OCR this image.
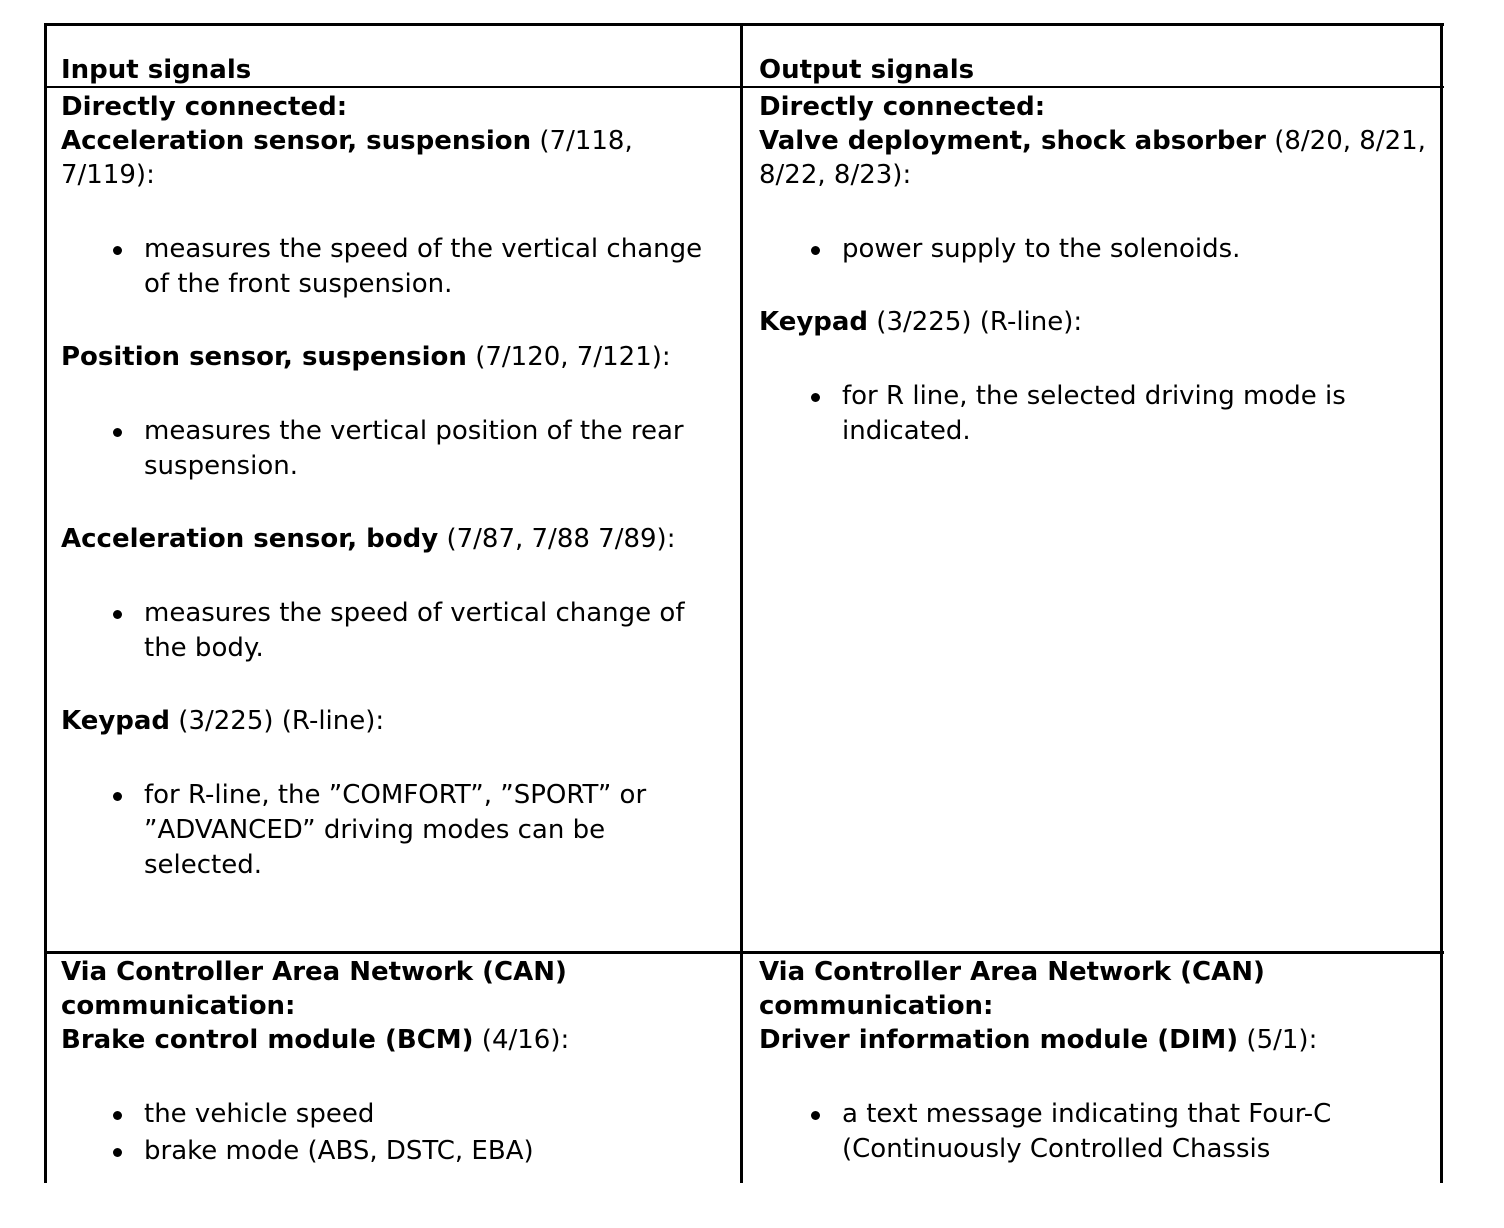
Input signals	Output signals

Directly connected:

Acceleration sensor, suspension (7/118, 7/119):

measures the speed of the vertical change of the front suspension.

Position sensor, suspension (7/120, 7/121):

measures the vertical position of the rear suspension.

Acceleration sensor, body (7/87, 7/88 7/89):

measures the speed of vertical change of the body.

Keypad (3/225) (R-line):

for R-line, the ”COMFORT”, ”SPORT” or ”ADVANCED” driving modes can be selected.

Directly connected:

Valve deployment, shock absorber (8/20, 8/21, 8/22, 8/23):

power supply to the solenoids.

Keypad (3/225) (R-line):

for R line, the selected driving mode is indicated.

Via Controller Area Network (CAN) communication:

Brake control module (BCM) (4/16):

the vehicle speed
brake mode (ABS, DSTC, EBA)

Via Controller Area Network (CAN) communication:

Driver information module (DIM) (5/1):

a text message indicating that Four-C (Continuously Controlled Chassis
